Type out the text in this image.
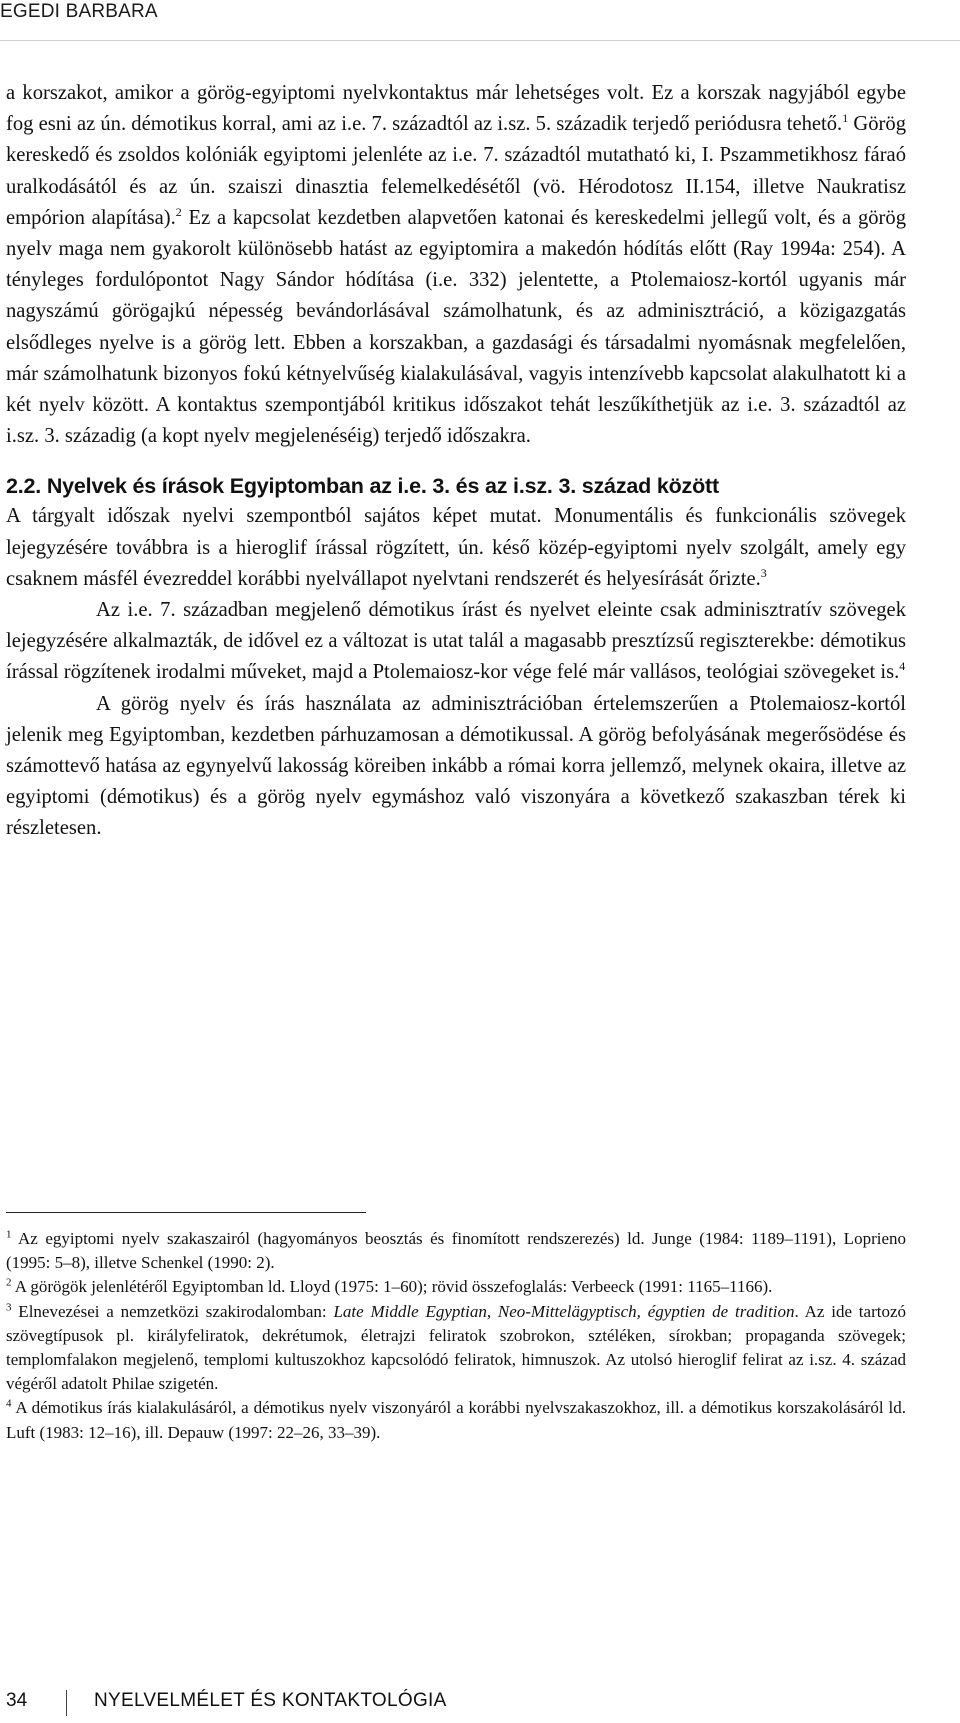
EGEDI BARBARA

a korszakot, amikor a görög-egyiptomi nyelvkontaktus már lehetséges volt. Ez a korszak nagyjából egybe fog esni az ún. démotikus korral, ami az i.e. 7. századtól az i.sz. 5. századik terjedő periódusra tehető.$^1$ Görög kereskedő és zsoldos kolóniák egyiptomi jelenléte az i.e. 7. századtól mutatható ki, I. Pszammetikhosz fáraó uralkodásától és az ún. szaiszi dinasztia felemelkedésétől (vö. Hérodotosz II.154, illetve Naukratisz empórion alapítása).$^2$ Ez a kapcsolat kezdetben alapvetően katonai és kereskedelmi jellegű volt, és a görög nyelv maga nem gyakorolt különösebb hatást az egyiptomira a makedón hódítás előtt (Ray 1994a: 254). A tényleges fordulópontot Nagy Sándor hódítása (i.e. 332) jelentette, a Ptolemaiosz-kortól ugyanis már nagyszámú görögajkú népesség bevándorlásával számolhatunk, és az adminisztráció, a közigazgatás elsődleges nyelve is a görög lett. Ebben a korszakban, a gazdasági és társadalmi nyomásnak megfelelően, már számolhatunk bizonyos fokú kétnyelvűség kialakulásával, vagyis intenzívebb kapcsolat alakulhatott ki a két nyelv között. A kontaktus szempontjából kritikus időszakot tehát leszűkíthetjük az i.e. 3. századtól az i.sz. 3. századig (a kopt nyelv megjelenéséig) terjedő időszakra.

2.2. Nyelvek és írások Egyiptomban az i.e. 3. és az i.sz. 3. század között

A tárgyalt időszak nyelvi szempontból sajátos képet mutat. Monumentális és funkcionális szövegek lejegyzésére továbbra is a hieroglif írással rögzített, ún. késő közép-egyiptomi nyelv szolgált, amely egy csaknem másfél évezreddel korábbi nyelvállapot nyelvtani rendszerét és helyesírását őrizte.$^3$

Az i.e. 7. században megjelenő démotikus írást és nyelvet eleinte csak adminisztratív szövegek lejegyzésére alkalmazták, de idővel ez a változat is utat talál a magasabb presztízsű regiszterekbe: démotikus írással rögzítenek irodalmi műveket, majd a Ptolemaiosz-kor vége felé már vallásos, teológiai szövegeket is.$^4$

A görög nyelv és írás használata az adminisztrációban értelemszerűen a Ptolemaiosz-kortól jelenik meg Egyiptomban, kezdetben párhuzamosan a démotikussal. A görög befolyásának megerősödése és számottevő hatása az egynyelvű lakosság köreiben inkább a római korra jellemző, melynek okaira, illetve az egyiptomi (démotikus) és a görög nyelv egymáshoz való viszonyára a következő szakaszban térek ki részletesen.

$^1$ Az egyiptomi nyelv szakaszairól (hagyományos beosztás és finomított rendszerezés) ld. Junge (1984: 1189–1191), Loprieno (1995: 5–8), illetve Schenkel (1990: 2).

$^2$ A görögök jelenlétéről Egyiptomban ld. Lloyd (1975: 1–60); rövid összefoglalás: Verbeeck (1991: 1165–1166).

$^3$ Elnevezései a nemzetközi szakirodalomban: Late Middle Egyptian, Neo-Mittelägyptisch, égyptien de tradition. Az ide tartozó szövegtípusok pl. királyfeliratok, dekrétumok, életrajzi feliratok szobrokon, sztéléken, sírokban; propaganda szövegek; templomfalakon megjelenő, templomi kultuszokhoz kapcsolódó feliratok, himnuszok. Az utolsó hieroglif felirat az i.sz. 4. század végéről adatolt Philae szigetén.

$^4$ A démotikus írás kialakulásáról, a démotikus nyelv viszonyáról a korábbi nyelvszakaszokhoz, ill. a démotikus korszakolásáról ld. Luft (1983: 12–16), ill. Depauw (1997: 22–26, 33–39).

34	NYELVELMÉLET ÉS KONTAKTOLÓGIA
